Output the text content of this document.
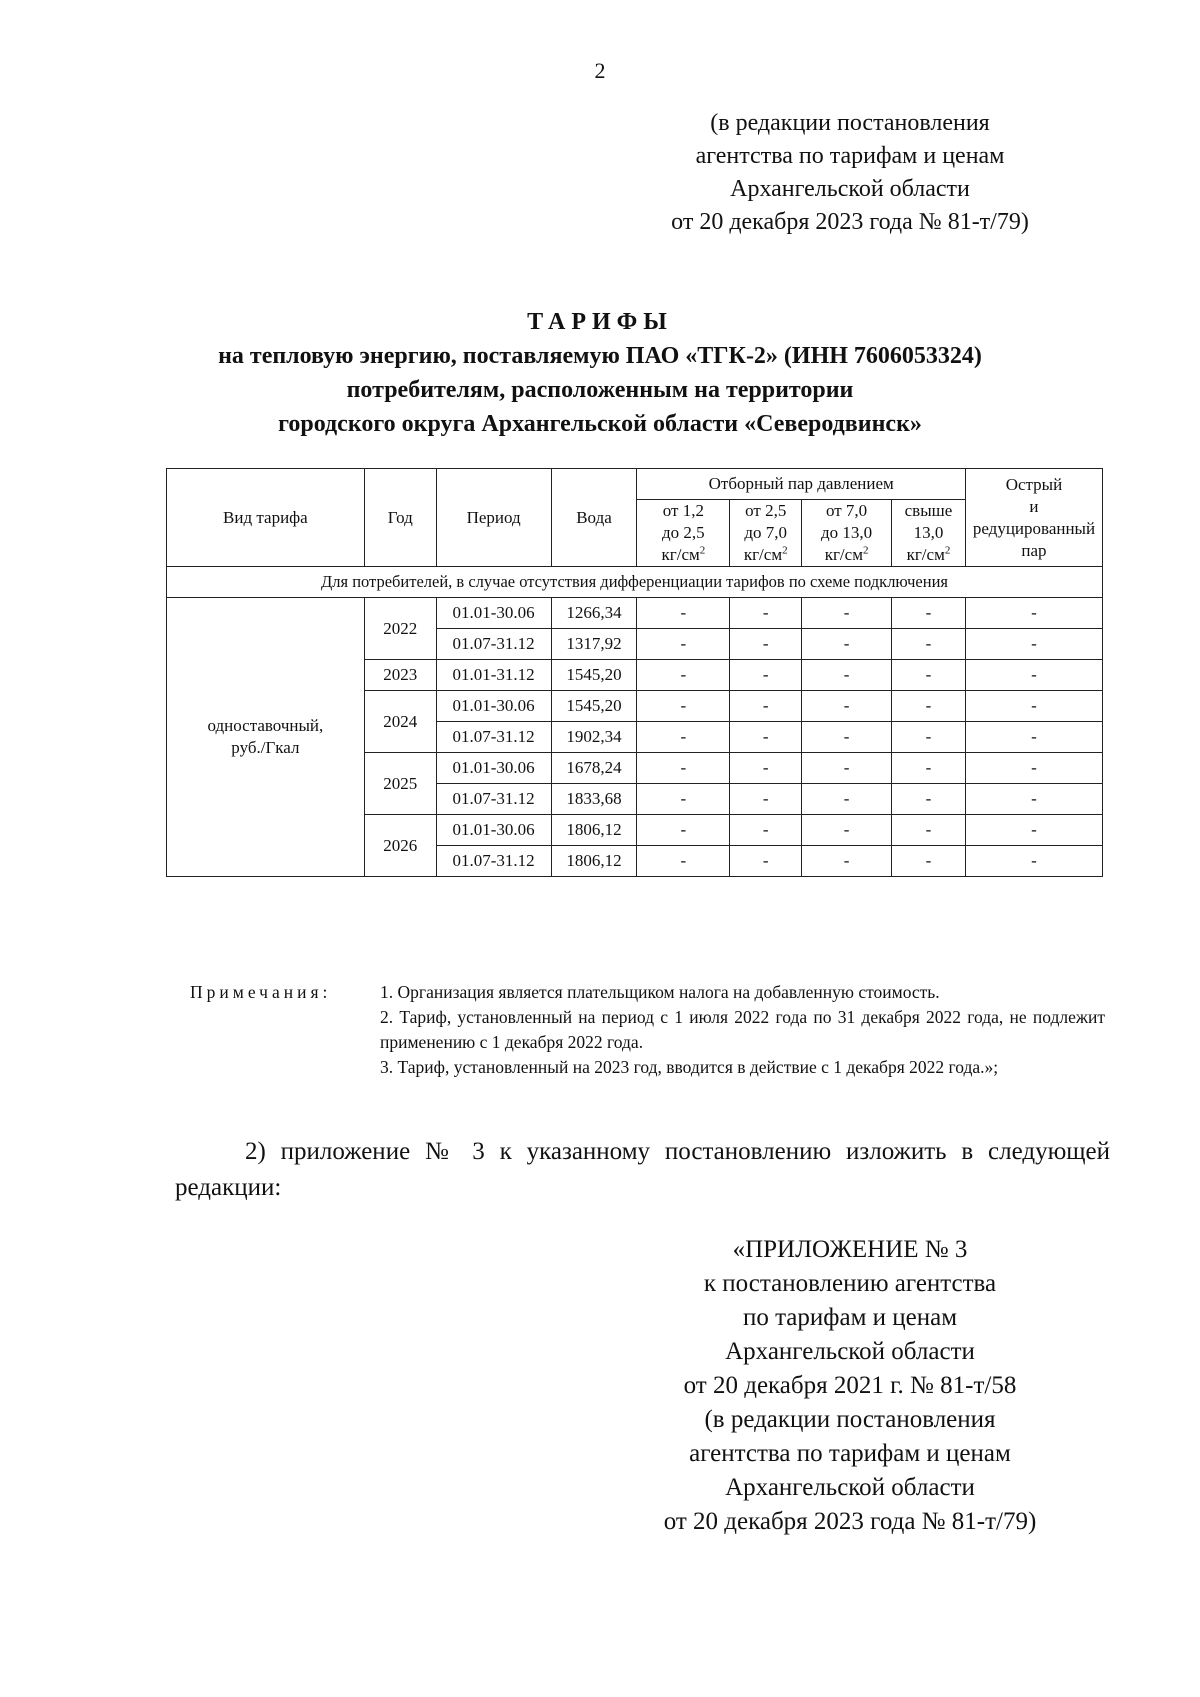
2
(в редакции постановления
агентства по тарифам и ценам
Архангельской области
от 20 декабря 2023 года № 81-т/79)
ТАРИФЫ
на тепловую энергию, поставляемую ПАО «ТГК-2» (ИНН 7606053324)
потребителям, расположенным на территории
городского округа Архангельской области «Северодвинск»
Вид тарифа	Год	Период	Вода	Отборный пар давлением				Острый
и редуцированный
пар

				от 1,2
до 2,5
$кг/см^2$	от 2,5
до 7,0
$кг/см^2$	от 7,0
до 13,0
$кг/см^2$	свыше
13,0
$кг/см^2$

Для потребителей, в случае отсутствия дифференциации тарифов по схеме подключения								

одноставочный,
руб./Гкал	2022	01.01-30.06	1266,34	-	-	-	-	-
		01.07-31.12	1317,92	-	-	-	-	-
	2023	01.01-31.12	1545,20	-	-	-	-	-
	2024	01.01-30.06	1545,20	-	-	-	-	-
		01.07-31.12	1902,34	-	-	-	-	-
	2025	01.01-30.06	1678,24	-	-	-	-	-
		01.07-31.12	1833,68	-	-	-	-	-
	2026	01.01-30.06	1806,12	-	-	-	-	-
		01.07-31.12	1806,12	-	-	-	-	-
Примечания:	1. Организация является плательщиком налога на добавленную стоимость.

2. Тариф, установленный на период с 1 июля 2022 года по 31 декабря 2022 года, не подлежит применению с 1 декабря 2022 года.

3. Тариф, установленный на 2023 год, вводится в действие с 1 декабря 2022 года.»;

2) приложение № 3 к указанному постановлению изложить в следующей редакции:
«ПРИЛОЖЕНИЕ № 3
к постановлению агентства
по тарифам и ценам
Архангельской области
от 20 декабря 2021 г. № 81-т/58
(в редакции постановления
агентства по тарифам и ценам
Архангельской области
от 20 декабря 2023 года № 81-т/79)
